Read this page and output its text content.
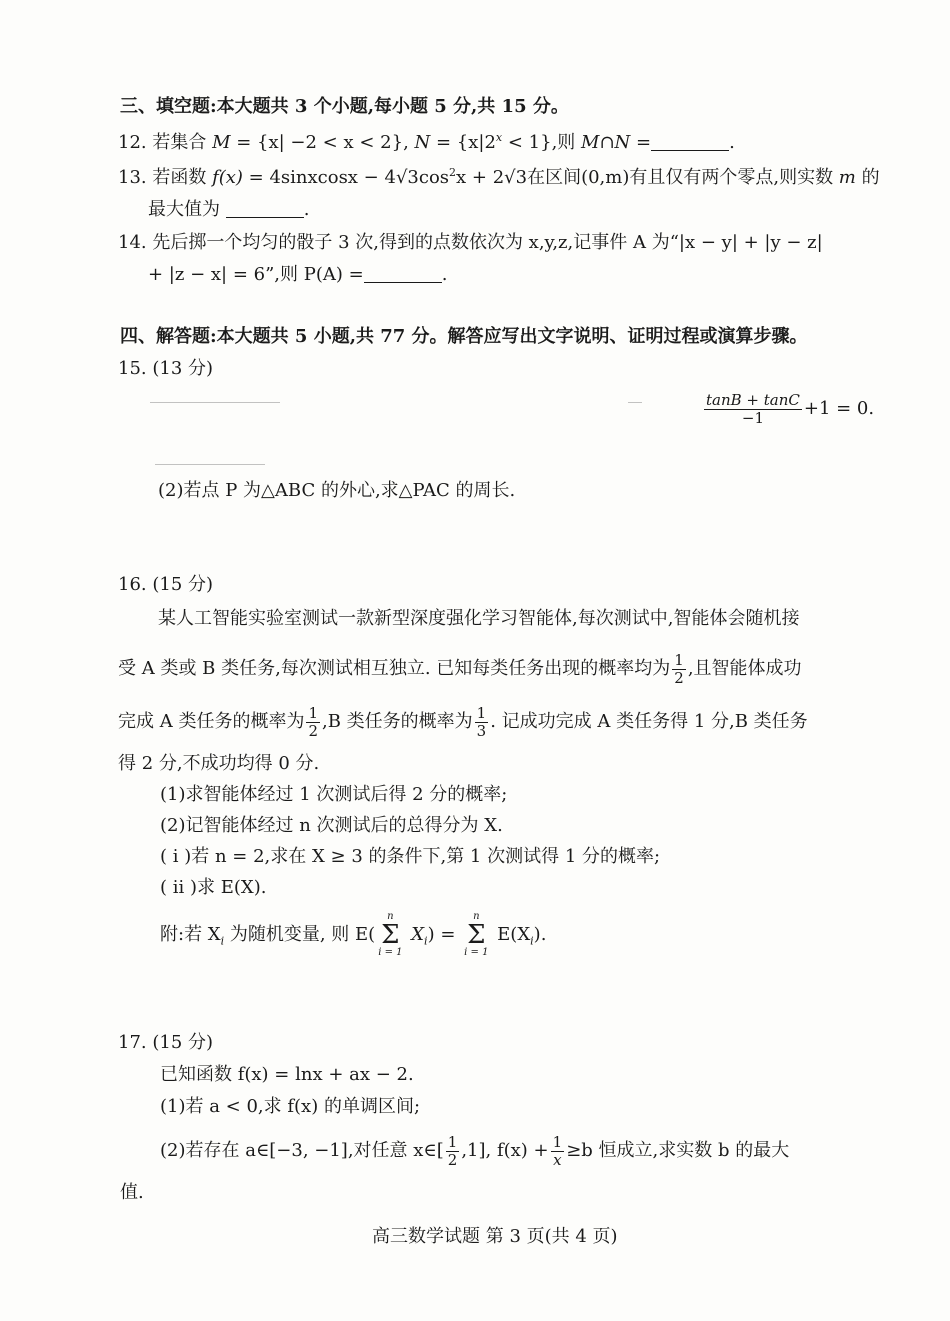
三、填空题:本大题共 3 个小题,每小题 5 分,共 15 分。
12. 若集合 M = {x| −2 < x < 2}, $N = \{x|2^x < 1\}$,则 M∩N =	.
13. 若函数 f(x) = 4sinxcosx − $4√3\cos^2x + 2√3$在区间(0,m)有且仅有两个零点,则实数 m 的
最大值为	.
14. 先后掷一个均匀的骰子 3 次,得到的点数依次为 x,y,z,记事件 A 为“|x − y| + |y − z|
+ |z − x| = 6”,则 P(A) =	.
四、解答题:本大题共 5 小题,共 77 分。解答应写出文字说明、证明过程或演算步骤。
15. (13 分)
$\frac{\tan B + \tan C}{-1} +1 = 0$.
(2)若点 P 为△ABC 的外心,求△PAC 的周长.
16. (15 分)
某人工智能实验室测试一款新型深度强化学习智能体,每次测试中,智能体会随机接
受 A 类或 B 类任务,每次测试相互独立. 已知每类任务出现的概率均为 $\frac{1}{2}$ ,且智能体成功
完成 A 类任务的概率为 $\frac{1}{2} ,B$ 类任务的概率为 $\frac{1}{3}$ . 记成功完成 A 类任务得 1 分,B 类任务
得 2 分,不成功均得 0 分.
(1)求智能体经过 1 次测试后得 2 分的概率;
(2)记智能体经过 n 次测试后的总得分为 X.
( i )若 n = 2,求在 X ≥ 3 的条件下,第 1 次测试得 1 分的概率;
( ii )求 E(X).
附:若 $X_i$ 为随机变量, 则 E(
n
Σ
i = 1
$X_i$) =
n
Σ
i = 1
$E(X_i)$.
17. (15 分)
已知函数 f(x) = lnx + ax − 2.
(1)若 a < 0,求 f(x) 的单调区间;
(2)若存在 a∈[−3, −1],对任意 x∈[ $\frac{1}{2} ,1$], $f(x) + \frac{1}{x} \ge b$ 恒成立,求实数 b 的最大
值.
高三数学试题 第 3 页(共 4 页)
